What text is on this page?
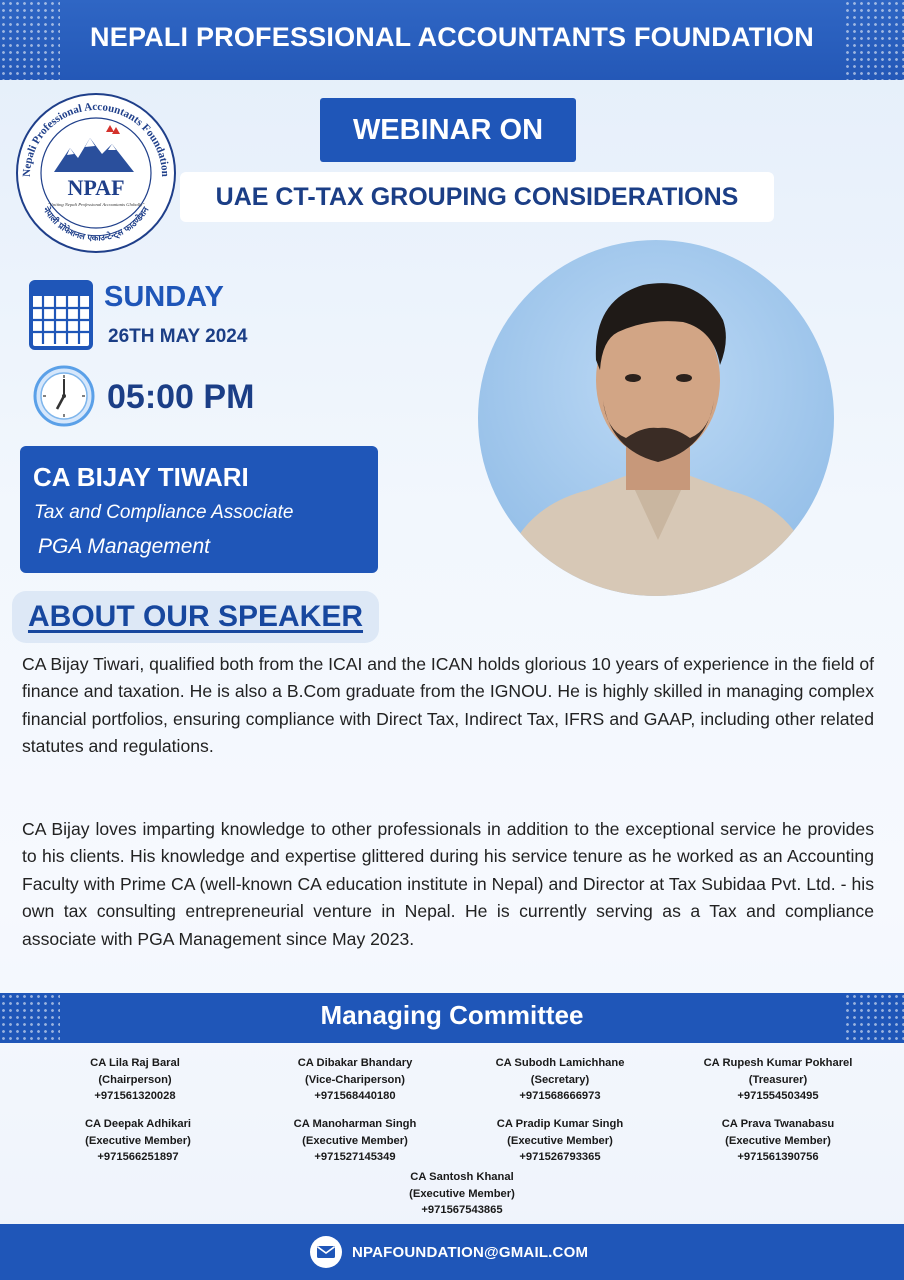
NEPALI PROFESSIONAL ACCOUNTANTS FOUNDATION
Nepali Professional Accountants Foundation
नेपाली प्रोफेशनल एकाउन्टेन्ट्स फाउण्डेशन
NPAF
"Uniting Nepali Professional Accountants Globally"
WEBINAR ON
UAE CT-TAX GROUPING CONSIDERATIONS
SUNDAY
26TH MAY 2024
05:00 PM
CA BIJAY TIWARI
Tax and Compliance Associate
PGA Management
ABOUT OUR SPEAKER
CA Bijay Tiwari, qualified both from the ICAI and the ICAN holds glorious 10 years of experience in the field of finance and taxation. He is also a B.Com graduate from the IGNOU. He is highly skilled in managing complex financial portfolios, ensuring compliance with Direct Tax, Indirect Tax, IFRS and GAAP, including other related statutes and regulations.
CA Bijay loves imparting knowledge to other professionals in addition to the exceptional service he provides to his clients. His knowledge and expertise glittered during his service tenure as he worked as an Accounting Faculty with Prime CA (well-known CA education institute in Nepal) and Director at Tax Subidaa Pvt. Ltd. - his own tax consulting entrepreneurial venture in Nepal. He is currently serving as a Tax and compliance associate with PGA Management since May 2023.
Managing Committee
CA Lila Raj Baral
(Chairperson)
+971561320028
CA Dibakar Bhandary
(Vice-Chariperson)
+971568440180
CA Subodh Lamichhane
(Secretary)
+971568666973
CA Rupesh Kumar Pokharel
(Treasurer)
+971554503495
CA Deepak Adhikari
(Executive Member)
+971566251897
CA Manoharman Singh
(Executive Member)
+971527145349
CA Pradip Kumar Singh
(Executive Member)
+971526793365
CA Prava Twanabasu
(Executive Member)
+971561390756
CA Santosh Khanal
(Executive Member)
+971567543865
NPAFOUNDATION@GMAIL.COM
